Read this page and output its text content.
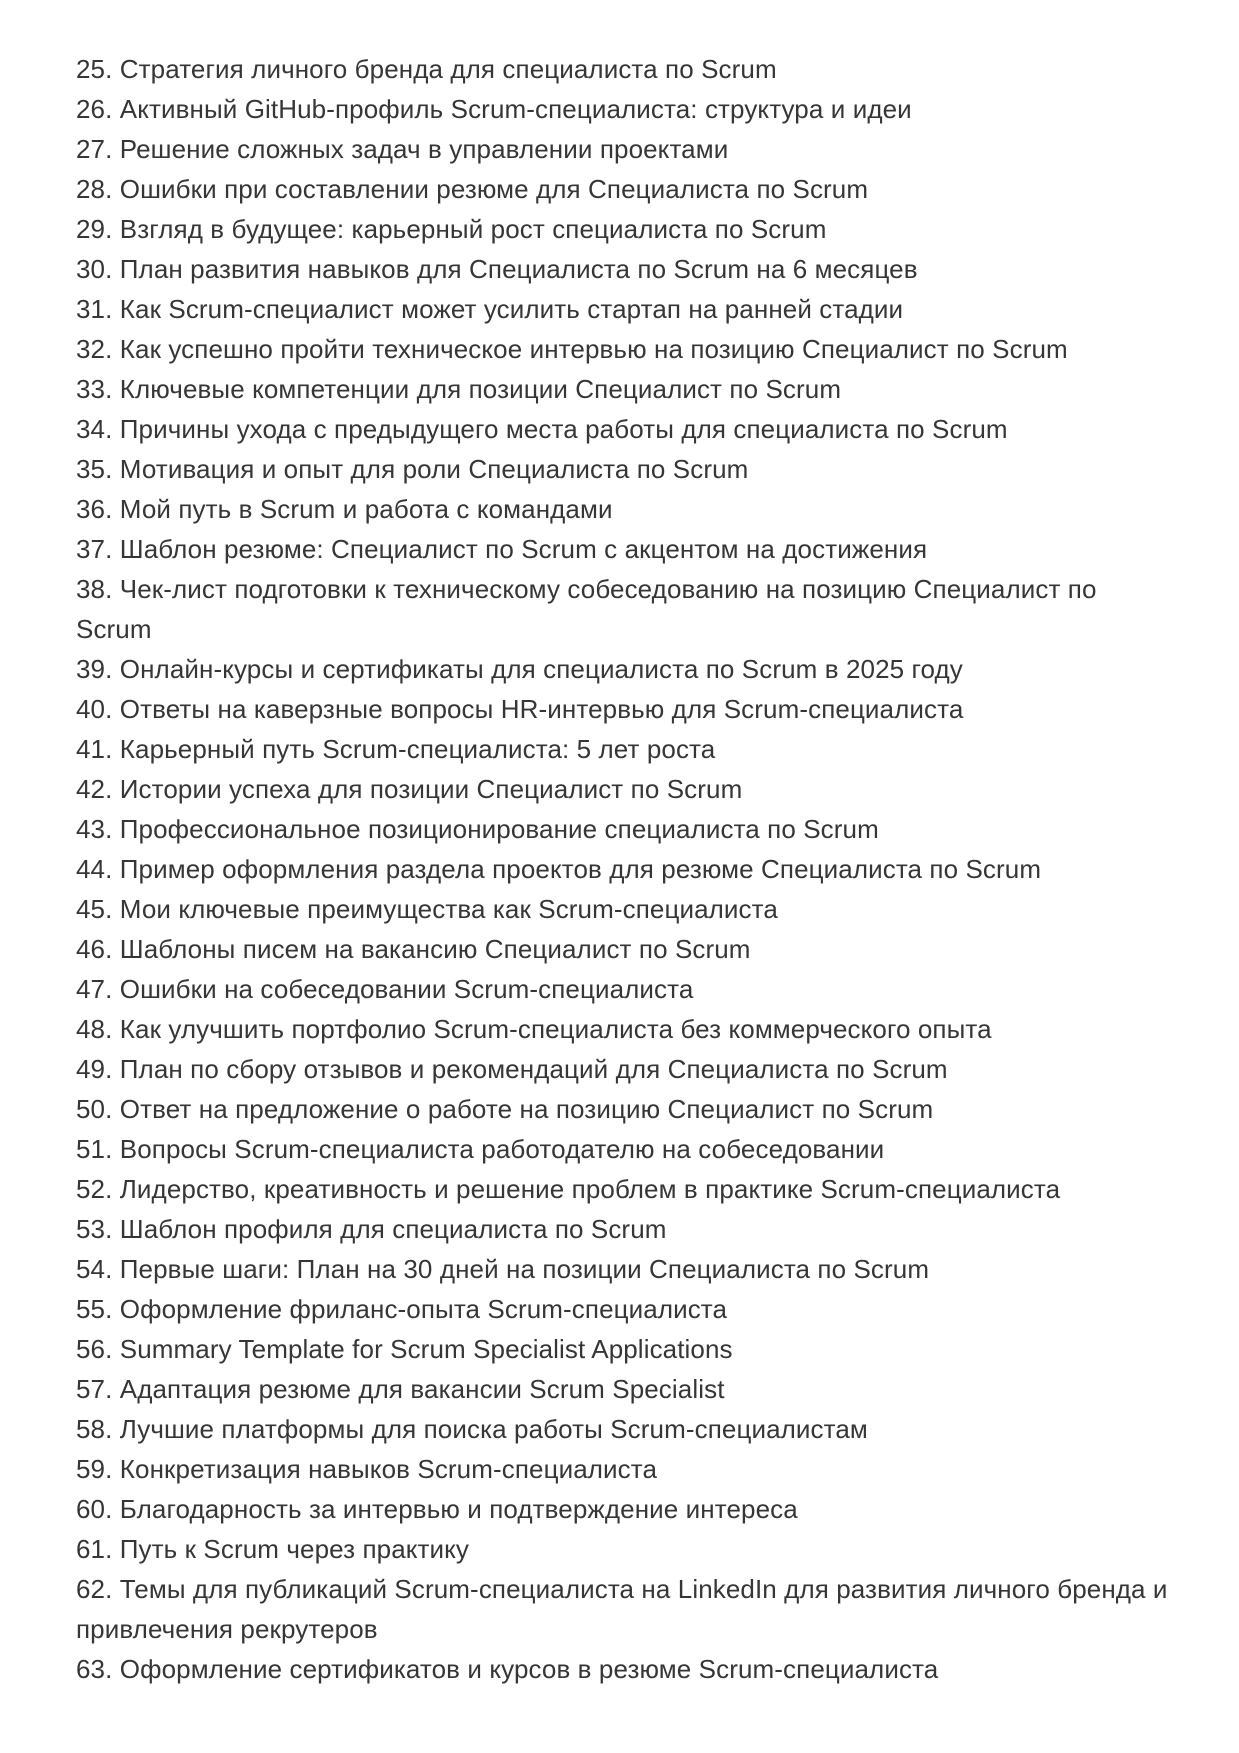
25. Стратегия личного бренда для специалиста по Scrum

26. Активный GitHub-профиль Scrum-специалиста: структура и идеи

27. Решение сложных задач в управлении проектами

28. Ошибки при составлении резюме для Специалиста по Scrum

29. Взгляд в будущее: карьерный рост специалиста по Scrum

30. План развития навыков для Специалиста по Scrum на 6 месяцев

31. Как Scrum-специалист может усилить стартап на ранней стадии

32. Как успешно пройти техническое интервью на позицию Специалист по Scrum

33. Ключевые компетенции для позиции Специалист по Scrum

34. Причины ухода с предыдущего места работы для специалиста по Scrum

35. Мотивация и опыт для роли Специалиста по Scrum

36. Мой путь в Scrum и работа с командами

37. Шаблон резюме: Специалист по Scrum с акцентом на достижения

38. Чек-лист подготовки к техническому собеседованию на позицию Специалист по Scrum

39. Онлайн-курсы и сертификаты для специалиста по Scrum в 2025 году

40. Ответы на каверзные вопросы HR-интервью для Scrum-специалиста

41. Карьерный путь Scrum-специалиста: 5 лет роста

42. Истории успеха для позиции Специалист по Scrum

43. Профессиональное позиционирование специалиста по Scrum

44. Пример оформления раздела проектов для резюме Специалиста по Scrum

45. Мои ключевые преимущества как Scrum-специалиста

46. Шаблоны писем на вакансию Специалист по Scrum

47. Ошибки на собеседовании Scrum-специалиста

48. Как улучшить портфолио Scrum-специалиста без коммерческого опыта

49. План по сбору отзывов и рекомендаций для Специалиста по Scrum

50. Ответ на предложение о работе на позицию Специалист по Scrum

51. Вопросы Scrum-специалиста работодателю на собеседовании

52. Лидерство, креативность и решение проблем в практике Scrum-специалиста

53. Шаблон профиля для специалиста по Scrum

54. Первые шаги: План на 30 дней на позиции Специалиста по Scrum

55. Оформление фриланс-опыта Scrum-специалиста

56. Summary Template for Scrum Specialist Applications

57. Адаптация резюме для вакансии Scrum Specialist

58. Лучшие платформы для поиска работы Scrum-специалистам

59. Конкретизация навыков Scrum-специалиста

60. Благодарность за интервью и подтверждение интереса

61. Путь к Scrum через практику

62. Темы для публикаций Scrum-специалиста на LinkedIn для развития личного бренда и привлечения рекрутеров

63. Оформление сертификатов и курсов в резюме Scrum-специалиста
